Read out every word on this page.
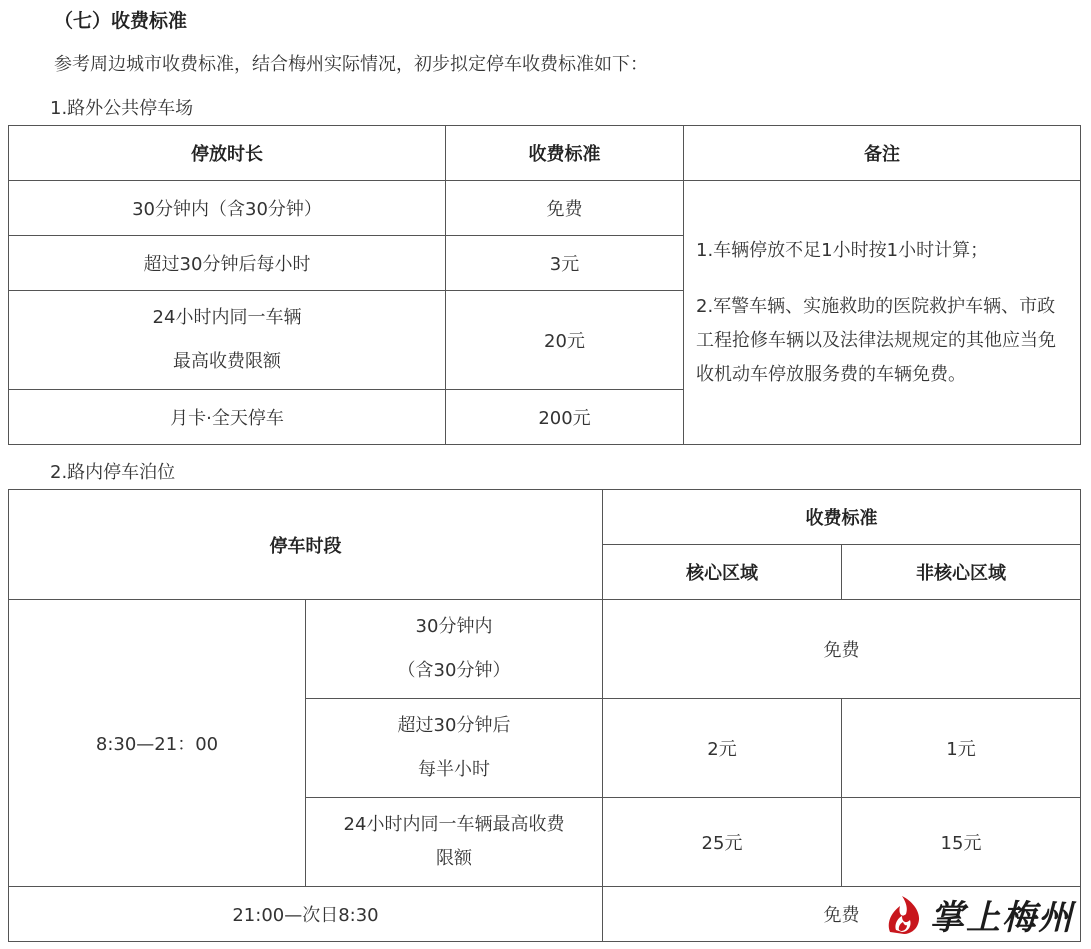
（七）收费标准
参考周边城市收费标准，结合梅州实际情况，初步拟定停车收费标准如下：
1.路外公共停车场
停放时长	收费标准	备注
30分钟内（含30分钟）	免费	1.车辆停放不足1小时按1小时计算；

2.军警车辆、实施救助的医院救护车辆、市政工程抢修车辆以及法律法规规定的其他应当免收机动车停放服务费的车辆免费。

超过30分钟后每小时	3元	

24小时内同一车辆
最高收费限额	20元	
月卡·全天停车	200元	
2.路内停车泊位
停车时段		收费标准	
		核心区域	非核心区域
8:30—21：00	30分钟内
（含30分钟）	免费	

	超过30分钟后
每半小时	2元	1元

	24小时内同一车辆最高收费
限额	25元	15元
21:00—次日8:30		免费	掌上梅州
